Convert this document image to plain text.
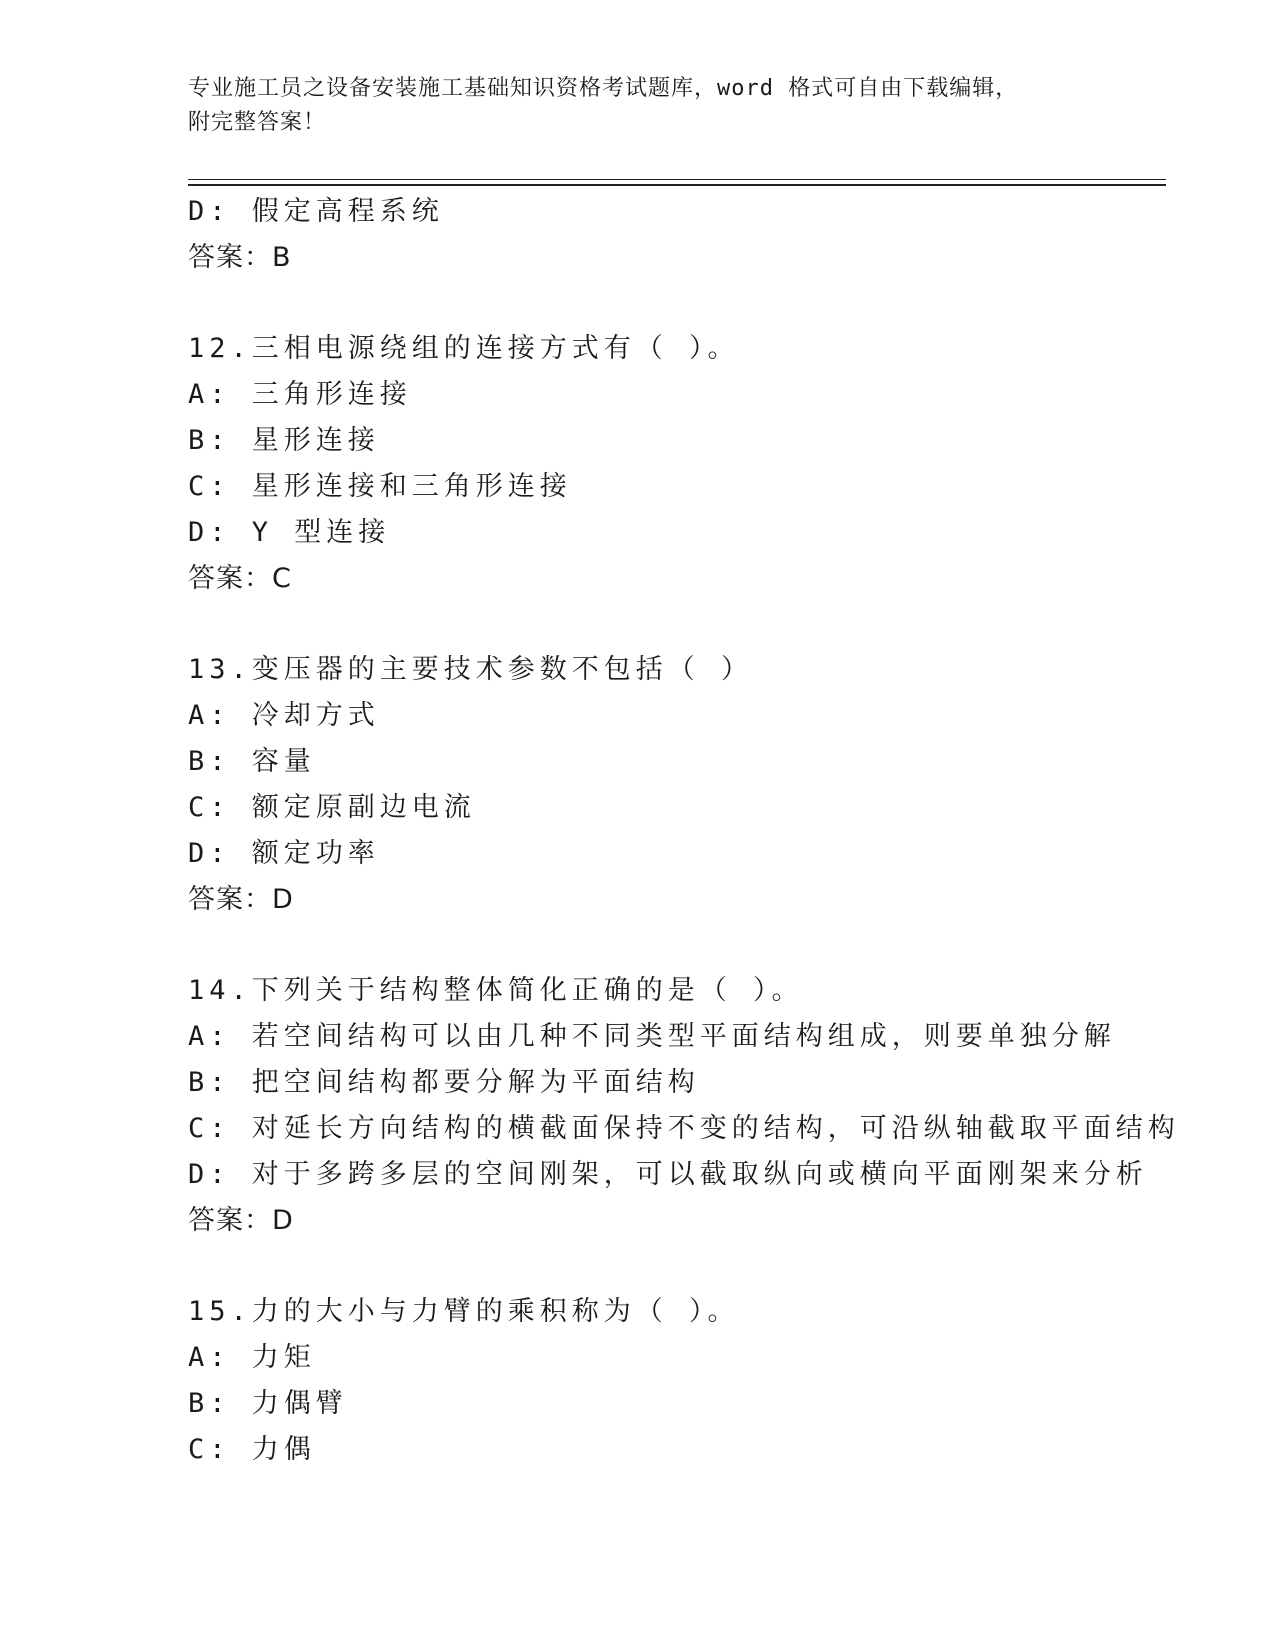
专业施工员之设备安装施工基础知识资格考试题库，word 格式可自由下载编辑，
附完整答案！
D: 假定高程系统
答案：B
12.三相电源绕组的连接方式有（ ）。
A: 三角形连接
B: 星形连接
C: 星形连接和三角形连接
D: Y 型连接
答案：C
13.变压器的主要技术参数不包括（ ）
A: 冷却方式
B: 容量
C: 额定原副边电流
D: 额定功率
答案：D
14.下列关于结构整体简化正确的是（ ）。
A: 若空间结构可以由几种不同类型平面结构组成，则要单独分解
B: 把空间结构都要分解为平面结构
C: 对延长方向结构的横截面保持不变的结构，可沿纵轴截取平面结构
D: 对于多跨多层的空间刚架，可以截取纵向或横向平面刚架来分析
答案：D
15.力的大小与力臂的乘积称为（ ）。
A: 力矩
B: 力偶臂
C: 力偶
